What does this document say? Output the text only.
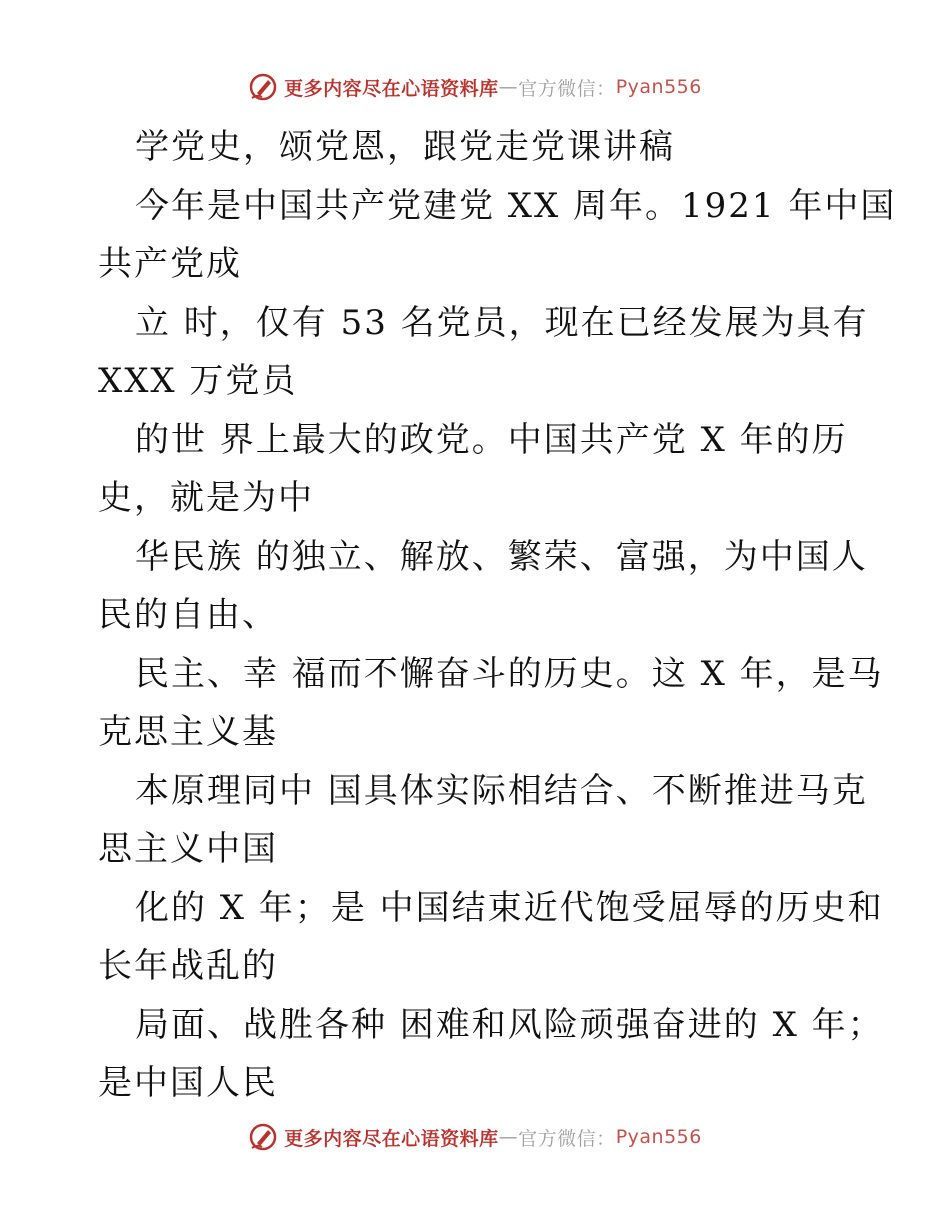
更多内容尽在心语资料库 — 官方微信： Pyan556
学党史，颂党恩，跟党走党课讲稿
今年是中国共产党建党 XX 周年。1921 年中国
共产党成
立 时，仅有 53 名党员，现在已经发展为具有
XXX 万党员
的世 界上最大的政党。中国共产党 X 年的历
史，就是为中
华民族 的独立、解放、繁荣、富强，为中国人
民的自由、
民主、幸 福而不懈奋斗的历史。这 X 年，是马
克思主义基
本原理同中 国具体实际相结合、不断推进马克
思主义中国
化的 X 年；是 中国结束近代饱受屈辱的历史和
长年战乱的
局面、战胜各种 困难和风险顽强奋进的 X 年；
是中国人民
更多内容尽在心语资料库 — 官方微信： Pyan556
